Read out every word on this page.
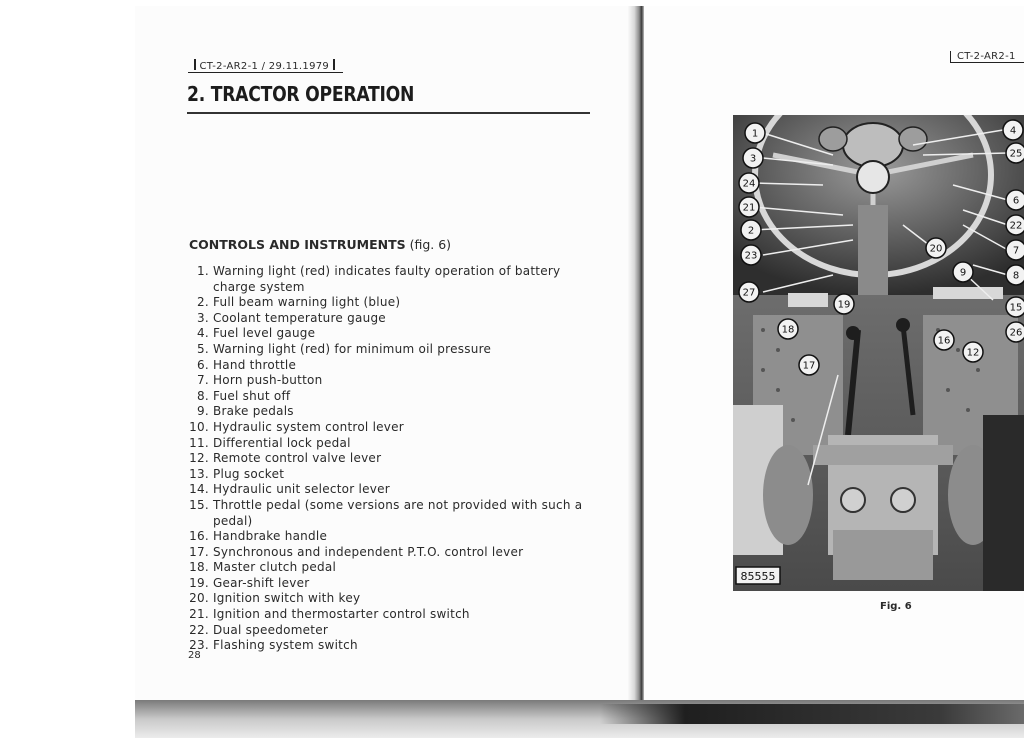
CT-2-AR2-1 / 29.11.1979
CT-2-AR2-1
2. TRACTOR OPERATION
CONTROLS AND INSTRUMENTS (fig. 6)
1. Warning light (red) indicates faulty operation of battery charge system
2. Full beam warning light (blue)
3. Coolant temperature gauge
4. Fuel level gauge
5. Warning light (red) for minimum oil pressure
6. Hand throttle
7. Horn push-button
8. Fuel shut off
9. Brake pedals
10. Hydraulic system control lever
11. Differential lock pedal
12. Remote control valve lever
13. Plug socket
14. Hydraulic unit selector lever
15. Throttle pedal (some versions are not provided with such a pedal)
16. Handbrake handle
17. Synchronous and independent P.T.O. control lever
18. Master clutch pedal
19. Gear-shift lever
20. Ignition switch with key
21. Ignition and thermostarter control switch
22. Dual speedometer
23. Flashing system switch
28
1
3
24
21
2
23
27
4
25
6
22
7
8
15
26
9
20
19
18
16
12
17
85555
Fig. 6
